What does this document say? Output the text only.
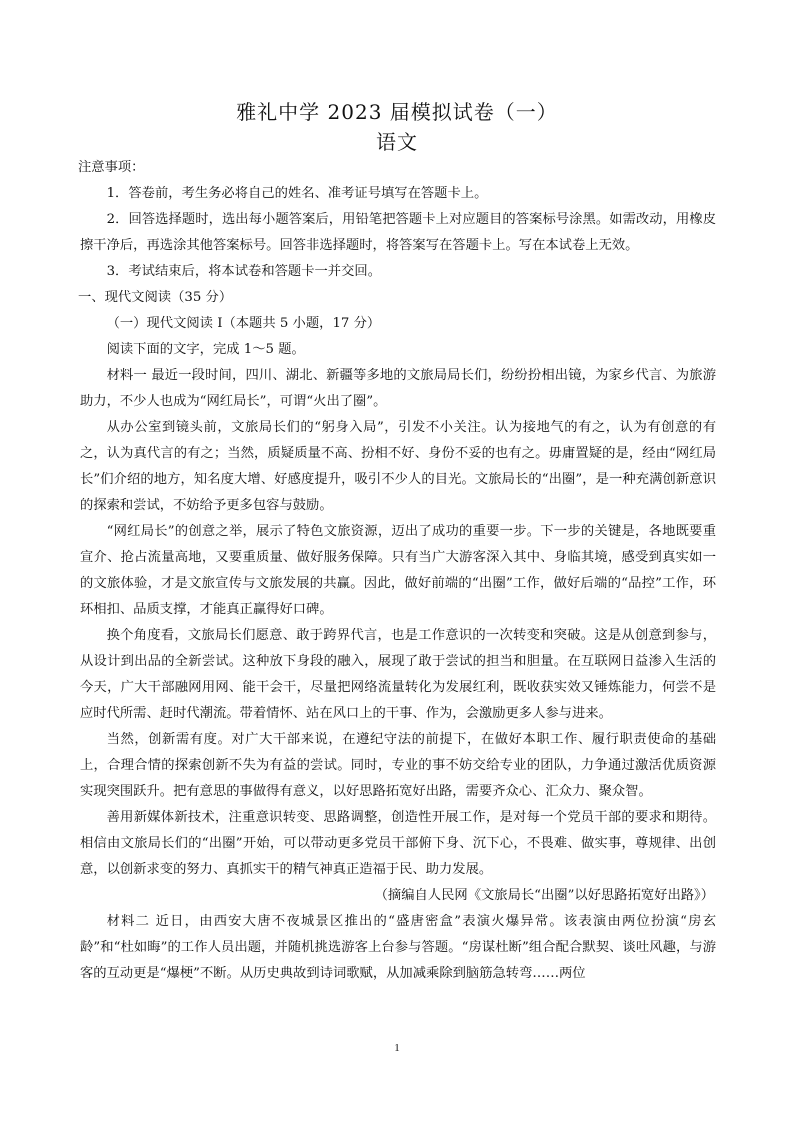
雅礼中学 2023 届模拟试卷（一）
语文

注意事项：

1．答卷前，考生务必将自己的姓名、准考证号填写在答题卡上。

2．回答选择题时，选出每小题答案后，用铅笔把答题卡上对应题目的答案标号涂黑。如需改动，用橡皮擦干净后，再选涂其他答案标号。回答非选择题时，将答案写在答题卡上。写在本试卷上无效。

3．考试结束后，将本试卷和答题卡一并交回。

一、现代文阅读（35 分）

（一）现代文阅读 I（本题共 5 小题，17 分）

阅读下面的文字，完成 1～5 题。

材料一 最近一段时间，四川、湖北、新疆等多地的文旅局局长们，纷纷扮相出镜，为家乡代言、为旅游助力，不少人也成为“网红局长”，可谓“火出了圈”。

从办公室到镜头前，文旅局长们的“躬身入局”，引发不小关注。认为接地气的有之，认为有创意的有之，认为真代言的有之；当然，质疑质量不高、扮相不好、身份不妥的也有之。毋庸置疑的是，经由“网红局长”们介绍的地方，知名度大增、好感度提升，吸引不少人的目光。文旅局长的“出圈”，是一种充满创新意识的探索和尝试，不妨给予更多包容与鼓励。

“网红局长”的创意之举，展示了特色文旅资源，迈出了成功的重要一步。下一步的关键是，各地既要重宣介、抢占流量高地，又要重质量、做好服务保障。只有当广大游客深入其中、身临其境，感受到真实如一的文旅体验，才是文旅宣传与文旅发展的共赢。因此，做好前端的“出圈”工作，做好后端的“品控”工作，环环相扣、品质支撑，才能真正赢得好口碑。

换个角度看，文旅局长们愿意、敢于跨界代言，也是工作意识的一次转变和突破。这是从创意到参与，从设计到出品的全新尝试。这种放下身段的融入，展现了敢于尝试的担当和胆量。在互联网日益渗入生活的今天，广大干部融网用网、能干会干，尽量把网络流量转化为发展红利，既收获实效又锤炼能力，何尝不是应时代所需、赶时代潮流。带着情怀、站在风口上的干事、作为，会激励更多人参与进来。

当然，创新需有度。对广大干部来说，在遵纪守法的前提下，在做好本职工作、履行职责使命的基础上，合理合情的探索创新不失为有益的尝试。同时，专业的事不妨交给专业的团队，力争通过激活优质资源实现突围跃升。把有意思的事做得有意义，以好思路拓宽好出路，需要齐众心、汇众力、聚众智。

善用新媒体新技术，注重意识转变、思路调整，创造性开展工作，是对每一个党员干部的要求和期待。相信由文旅局长们的“出圈”开始，可以带动更多党员干部俯下身、沉下心，不畏难、做实事，尊规律、出创意，以创新求变的努力、真抓实干的精气神真正造福于民、助力发展。

（摘编自人民网《文旅局长“出圈”以好思路拓宽好出路》）

材料二 近日，由西安大唐不夜城景区推出的“盛唐密盒”表演火爆异常。该表演由两位扮演“房玄龄”和“杜如晦”的工作人员出题，并随机挑选游客上台参与答题。“房谋杜断”组合配合默契、谈吐风趣，与游客的互动更是“爆梗”不断。从历史典故到诗词歌赋，从加减乘除到脑筋急转弯……两位

1
